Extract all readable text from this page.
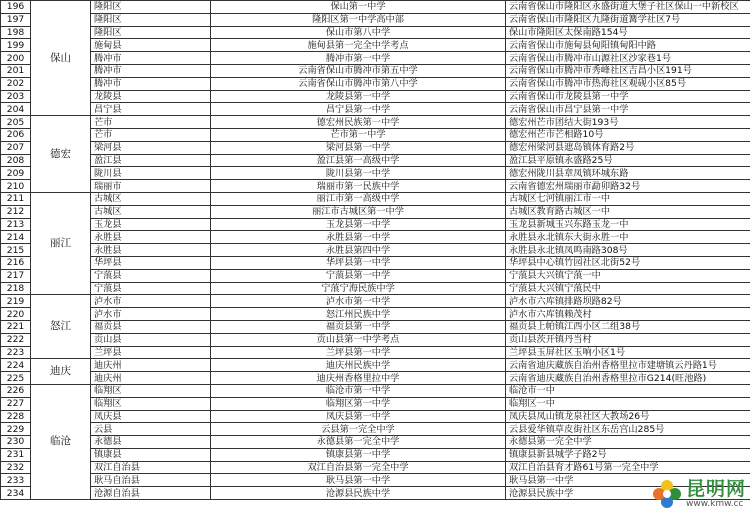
196	保山	隆阳区	保山第一中学	云南省保山市隆阳区永盛街道大堡子社区保山一中新校区
197		隆阳区	隆阳区第一中学高中部	云南省保山市隆阳区九隆街道篝学社区7号
198		隆阳区	保山市第八中学	保山市隆阳区太保南路154号
199		施甸县	施甸县第一完全中学考点	云南省保山市施甸县甸阳镇甸阳中路
200		腾冲市	腾冲市第一中学	云南省保山市腾冲市山源社区沙家巷1号
201		腾冲市	云南省保山市腾冲市第五中学	云南省保山市腾冲市秀峰社区吉昌小区191号
202		腾冲市	云南省保山市腾冲市第八中学	云南省保山市腾冲市热海社区观砚小区85号
203		龙陵县	龙陵县第一中学	云南省保山市龙陵县第一中学
204		昌宁县	昌宁县第一中学	云南省保山市昌宁县第一中学
205	德宏	芒市	德宏州民族第一中学	德宏州芒市团结大街193号
206		芒市	芒市第一中学	德宏州芒市芒相路10号
207		梁河县	梁河县第一中学	德宏州梁河县遮岛镇体育路2号
208		盈江县	盈江县第一高级中学	盈江县平原镇永盛路25号
209		陇川县	陇川县第一中学	德宏州陇川县章凤镇环城东路
210		瑞丽市	瑞丽市第一民族中学	云南省德宏州瑞丽市勐卯路32号
211	丽江	古城区	丽江市第一高级中学	古城区七河镇丽江市一中
212		古城区	丽江市古城区第一中学	古城区教育路古城区一中
213		玉龙县	玉龙县第一中学	玉龙县新城玉兴东路玉龙一中
214		永胜县	永胜县第一中学	永胜县永北镇东大街永胜一中
215		永胜县	永胜县第四中学	永胜县永北镇凤鸣南路308号
216		华坪县	华坪县第一中学	华坪县中心镇竹园社区北街52号
217		宁蒗县	宁蒗县第一中学	宁蒗县大兴镇宁蒗一中
218		宁蒗县	宁蒗宁海民族中学	宁蒗县大兴镇宁蒗民中
219	怒江	泸水市	泸水市第一中学	泸水市六库镇排路坝路82号
220		泸水市	怒江州民族中学	泸水市六库镇赖茂村
221		福贡县	福贡县第一中学	福贡县上帕镇江西小区二组38号
222		贡山县	贡山县第一中学考点	贡山县茨开镇丹当村
223		兰坪县	兰坪县第一中学	兰坪县玉屏社区玉响小区1号
224	迪庆	迪庆州	迪庆州民族中学	云南省迪庆藏族自治州香格里拉市建塘镇云丹路1号
225		迪庆州	迪庆州香格里拉中学	云南省迪庆藏族自治州香格里拉市G214(旺池路)
226	临沧	临翔区	临沧市第一中学	临沧市一中
227		临翔区	临翔区第一中学	临翔区一中
228		凤庆县	凤庆县第一中学	凤庆县凤山镇龙泉社区大教场26号
229		云县	云县第一完全中学	云县爱华镇草皮街社区东岳宫山285号
230		永德县	永德县第一完全中学	永德县第一完全中学
231		镇康县	镇康县第一中学	镇康县新县城学子路2号
232		双江自治县	双江自治县第一完全中学	双江自治县育才路61号第一完全中学
233		耿马自治县	耿马县第一中学	耿马县第一中学
234		沧源自治县	沧源县民族中学	沧源县民族中学	昆明网
www.kmw.cc
